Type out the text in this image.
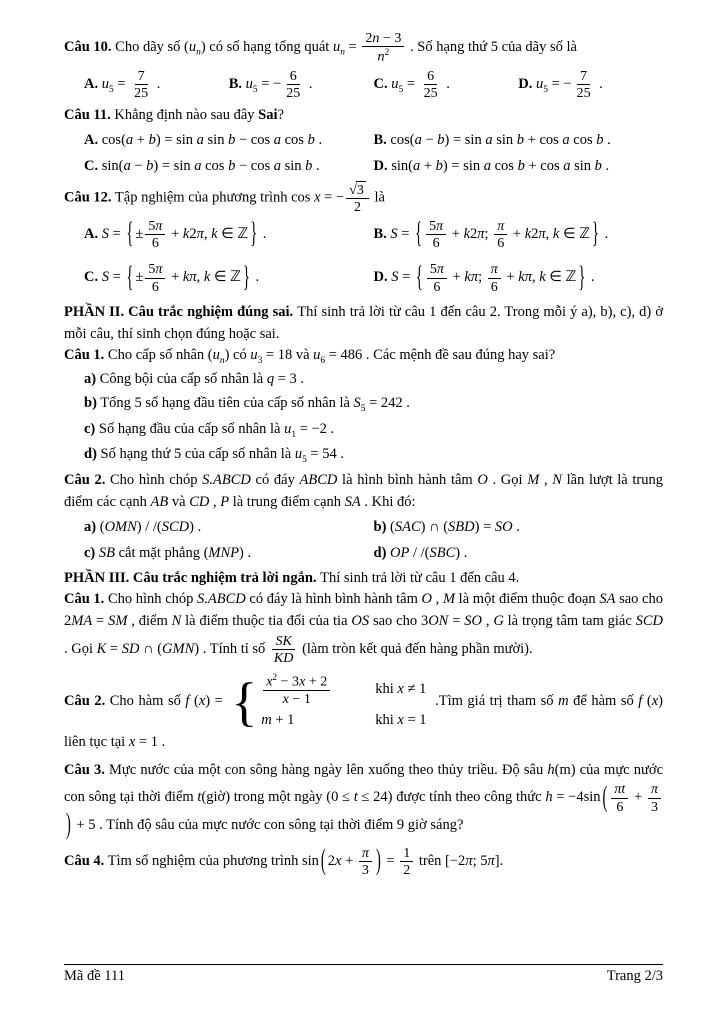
Câu 10. Cho dãy số $(u_n)$ có số hạng tổng quát $u_n = \frac{2n - 3}{n^2}$ . Số hạng thứ 5 của dãy số là
A. $u_5 = \frac{7}{25}$ .	B. $u_5$ = − $\frac{6}{25}$ .	C. $u_5 = \frac{6}{25}$ .	D. $u_5$ = − $\frac{7}{25}$ .
Câu 11. Khẳng định nào sau đây Sai?
A. cos(a + b) = sin a sin b − cos a cos b .	B. cos(a − b) = sin a sin b + cos a cos b .
C. sin(a − b) = sin a cos b − cos a sin b .	D. sin(a + b) = sin a cos b + cos a sin b .
Câu 12. Tập nghiệm của phương trình cos x = − $\frac{√3}{2}$ là
A. S = { ± $\frac{5\pi}{6} + k2\pi$, k ∈ ℤ } .	B. S = { $\frac{5\pi}{6} + k2\pi$; $\frac{\pi}{6} + k2\pi$, k ∈ ℤ } .
C. S = { ± $\frac{5\pi}{6} + k\pi$, k ∈ ℤ } .	D. S = { $\frac{5\pi}{6} + k\pi$; $\frac{\pi}{6} + k\pi$, k ∈ ℤ } .
PHẦN II. Câu trắc nghiệm đúng sai. Thí sinh trả lời từ câu 1 đến câu 2. Trong mỗi ý a), b), c), d) ở mỗi câu, thí sinh chọn đúng hoặc sai.
Câu 1. Cho cấp số nhân $(u_n)$ có $u_3 = 18$ và $u_6 = 486$ . Các mệnh đề sau đúng hay sai?
a) Công bội của cấp số nhân là q = 3 .
b) Tổng 5 số hạng đầu tiên của cấp số nhân là $S_5 = 242$ .
c) Số hạng đầu của cấp số nhân là $u_1 = -2$ .
d) Số hạng thứ 5 của cấp số nhân là $u_5 = 54$ .
Câu 2. Cho hình chóp S.ABCD có đáy ABCD là hình bình hành tâm O . Gọi M , N lần lượt là trung điểm các cạnh AB và CD , P là trung điểm cạnh SA . Khi đó:
a) (OMN) / /(SCD) .	b) (SAC) ∩ (SBD) = SO .
c) SB cắt mặt phẳng (MNP) .	d) OP / /(SBC) .
PHẦN III. Câu trắc nghiệm trả lời ngắn. Thí sinh trả lời từ câu 1 đến câu 4.
Câu 1. Cho hình chóp S.ABCD có đáy là hình bình hành tâm O , M là một điểm thuộc đoạn SA sao cho 2MA = SM , điểm N là điểm thuộc tia đối của tia OS sao cho 3ON = SO , G là trọng tâm tam giác SCD . Gọi K = SD ∩ (GMN) . Tính tỉ số $\frac{SK}{KD}$ (làm tròn kết quả đến hàng phần mười).
Câu 2. Cho hàm số f (x) = { $\frac{x^2 - 3x + 2}{x - 1}$	khi x ≠ 1
m + 1	khi x = 1
.Tìm giá trị tham số m để hàm số f (x) liên tục tại x = 1 .
Câu 3. Mực nước của một con sông hàng ngày lên xuống theo thủy triều. Độ sâu h(m) của mực nước con sông tại thời điểm t(giờ) trong một ngày (0 ≤ t ≤ 24) được tính theo công thức h = −4sin ( $\frac{\pi t}{6} + \frac{\pi}{3}$
) + 5 . Tính độ sâu của mực nước con sông tại thời điểm 9 giờ sáng?
Câu 4. Tìm số nghiệm của phương trình sin ( $2x + \frac{\pi}{3}$ ) = $\frac{1}{2}$ trên [−2π; 5π].
Mã đề 111	Trang 2/3
